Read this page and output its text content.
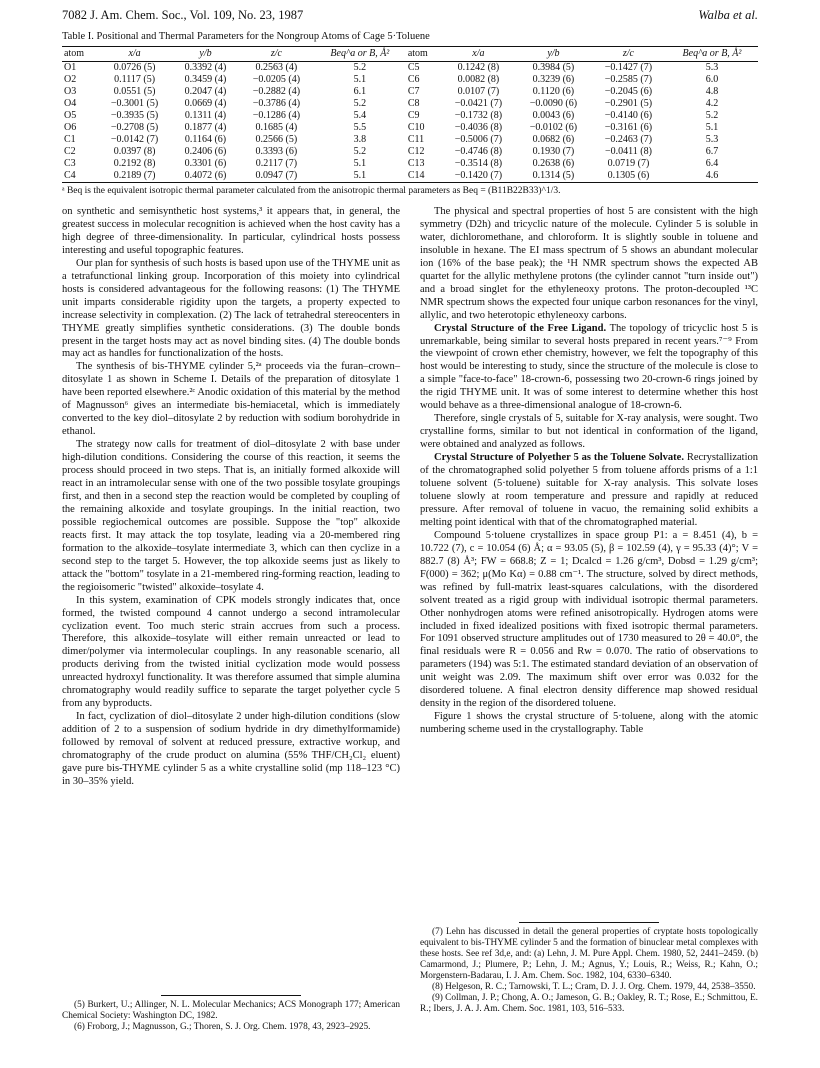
7082 J. Am. Chem. Soc., Vol. 109, No. 23, 1987	Walba et al.
Table I. Positional and Thermal Parameters for the Nongroup Atoms of Cage 5·Toluene
atom	x/a	y/b	z/c	Beq^a or B, Å²	atom	x/a	y/b	z/c	Beq^a or B, Å²
O1	0.0726 (5)	0.3392 (4)	0.2563 (4)	5.2	C5	0.1242 (8)	0.3984 (5)	−0.1427 (7)	5.3
O2	0.1117 (5)	0.3459 (4)	−0.0205 (4)	5.1	C6	0.0082 (8)	0.3239 (6)	−0.2585 (7)	6.0
O3	0.0551 (5)	0.2047 (4)	−0.2882 (4)	6.1	C7	0.0107 (7)	0.1120 (6)	−0.2045 (6)	4.8
O4	−0.3001 (5)	0.0669 (4)	−0.3786 (4)	5.2	C8	−0.0421 (7)	−0.0090 (6)	−0.2901 (5)	4.2
O5	−0.3935 (5)	0.1311 (4)	−0.1286 (4)	5.4	C9	−0.1732 (8)	0.0043 (6)	−0.4140 (6)	5.2
O6	−0.2708 (5)	0.1877 (4)	0.1685 (4)	5.5	C10	−0.4036 (8)	−0.0102 (6)	−0.3161 (6)	5.1
C1	−0.0142 (7)	0.1164 (6)	0.2566 (5)	3.8	C11	−0.5006 (7)	0.0682 (6)	−0.2463 (7)	5.3
C2	0.0397 (8)	0.2406 (6)	0.3393 (6)	5.2	C12	−0.4746 (8)	0.1930 (7)	−0.0411 (8)	6.7
C3	0.2192 (8)	0.3301 (6)	0.2117 (7)	5.1	C13	−0.3514 (8)	0.2638 (6)	0.0719 (7)	6.4
C4	0.2189 (7)	0.4072 (6)	0.0947 (7)	5.1	C14	−0.1420 (7)	0.1314 (5)	0.1305 (6)	4.6
ᵃ Beq is the equivalent isotropic thermal parameter calculated from the anisotropic thermal parameters as Beq = (B11B22B33)^1/3.

on synthetic and semisynthetic host systems,³ it appears that, in general, the greatest success in molecular recognition is achieved when the host cavity has a high degree of three-dimensionality. In particular, cylindrical hosts possess interesting and useful topographic features.

Our plan for synthesis of such hosts is based upon use of the THYME unit as a tetrafunctional linking group. Incorporation of this moiety into cylindrical hosts is considered advantageous for the following reasons: (1) The THYME unit imparts considerable rigidity upon the targets, a property expected to increase selectivity in complexation. (2) The lack of tetrahedral stereocenters in THYME greatly simplifies synthetic considerations. (3) The double bonds present in the target hosts may act as novel binding sites. (4) The double bonds may act as handles for functionalization of the hosts.

The synthesis of bis-THYME cylinder 5,²ᵃ proceeds via the furan–crown–ditosylate 1 as shown in Scheme I. Details of the preparation of ditosylate 1 have been reported elsewhere.²ᶜ Anodic oxidation of this material by the method of Magnusson⁶ gives an intermediate bis-hemiacetal, which is immediately converted to the key diol–ditosylate 2 by reduction with sodium borohydride in ethanol.

The strategy now calls for treatment of diol–ditosylate 2 with base under high-dilution conditions. Considering the course of this reaction, it seems the process should proceed in two steps. That is, an initially formed alkoxide will react in an intramolecular sense with one of the two possible tosylate groupings first, and then in a second step the reaction would be completed by coupling of the remaining alkoxide and tosylate groupings. In the initial reaction, two possible regiochemical outcomes are possible. Suppose the "top" alkoxide reacts first. It may attack the top tosylate, leading via a 20-membered ring formation to the alkoxide–tosylate intermediate 3, which can then cyclize in a second step to the target 5. However, the top alkoxide seems just as likely to attack the "bottom" tosylate in a 21-membered ring-forming reaction, leading to the regioisomeric "twisted" alkoxide–tosylate 4.

In this system, examination of CPK models strongly indicates that, once formed, the twisted compound 4 cannot undergo a second intramolecular cyclization event. Too much steric strain accrues from such a process. Therefore, this alkoxide–tosylate will either remain unreacted or lead to dimer/polymer via intermolecular couplings. In any reasonable scenario, all products deriving from the twisted initial cyclization mode would possess unreacted hydroxyl functionality. It was therefore assumed that simple alumina chromatography would readily suffice to separate the target polyether cycle 5 from any byproducts.

In fact, cyclization of diol–ditosylate 2 under high-dilution conditions (slow addition of 2 to a suspension of sodium hydride in dry dimethylformamide) followed by removal of solvent at reduced pressure, extractive workup, and chromatography of the crude product on alumina (55% THF/CH₂Cl₂ eluent) gave pure bis-THYME cylinder 5 as a white crystalline solid (mp 118–123 °C) in 30–35% yield.

The physical and spectral properties of host 5 are consistent with the high symmetry (D2h) and tricyclic nature of the molecule. Cylinder 5 is soluble in water, dichloromethane, and chloroform. It is slightly souble in toluene and insoluble in hexane. The EI mass spectrum of 5 shows an abundant molecular ion (16% of the base peak); the ¹H NMR spectrum shows the expected AB quartet for the allylic methylene protons (the cylinder cannot "turn inside out") and a broad singlet for the ethyleneoxy protons. The proton-decoupled ¹³C NMR spectrum shows the expected four unique carbon resonances for the vinyl, allylic, and two heterotopic ethyleneoxy carbons.

Crystal Structure of the Free Ligand. The topology of tricyclic host 5 is unremarkable, being similar to several hosts prepared in recent years.⁷⁻⁹ From the viewpoint of crown ether chemistry, however, we felt the topography of this host would be interesting to study, since the structure of the molecule is close to a simple "face-to-face" 18-crown-6, possessing two 20-crown-6 rings joined by the rigid THYME unit. It was of some interest to determine whether this host would behave as a three-dimensional analogue of 18-crown-6.

Therefore, single crystals of 5, suitable for X-ray analysis, were sought. Two crystalline forms, similar to but not identical in conformation of the ligand, were obtained and analyzed as follows.

Crystal Structure of Polyether 5 as the Toluene Solvate. Recrystallization of the chromatographed solid polyether 5 from toluene affords prisms of a 1:1 toluene solvent (5·toluene) suitable for X-ray analysis. This solvate loses toluene slowly at room temperature and pressure and rapidly at reduced pressure. After removal of toluene in vacuo, the remaining solid exhibits a melting point identical with that of the chromatographed material.

Compound 5·toluene crystallizes in space group P1: a = 8.451 (4), b = 10.722 (7), c = 10.054 (6) Å; α = 93.05 (5), β = 102.59 (4), γ = 95.33 (4)°; V = 882.7 (8) Å³; FW = 668.8; Z = 1; Dcalcd = 1.26 g/cm³, Dobsd = 1.29 g/cm³; F(000) = 362; μ(Mo Kα) = 0.88 cm⁻¹. The structure, solved by direct methods, was refined by full-matrix least-squares calculations, with the disordered solvent treated as a rigid group with individual isotropic thermal parameters. Other nonhydrogen atoms were refined anisotropically. Hydrogen atoms were included in fixed idealized positions with fixed isotropic thermal parameters. For 1091 observed structure amplitudes out of 1730 measured to 2θ = 40.0°, the final residuals were R = 0.056 and Rw = 0.070. The ratio of observations to parameters (194) was 5:1. The estimated standard deviation of an observation of unit weight was 2.09. The maximum shift over error was 0.032 for the disordered toluene. A final electron density difference map showed residual density in the region of the disordered toluene.

Figure 1 shows the crystal structure of 5·toluene, along with the atomic numbering scheme used in the crystallography. Table

(5) Burkert, U.; Allinger, N. L. Molecular Mechanics; ACS Monograph 177; American Chemical Society: Washington DC, 1982.

(6) Froborg, J.; Magnusson, G.; Thoren, S. J. Org. Chem. 1978, 43, 2923–2925.

(7) Lehn has discussed in detail the general properties of cryptate hosts topologically equivalent to bis-THYME cylinder 5 and the formation of binuclear metal complexes with these hosts. See ref 3d,e, and: (a) Lehn, J. M. Pure Appl. Chem. 1980, 52, 2441–2459. (b) Camarmond, J.; Plumere, P.; Lehn, J. M.; Agnus, Y.; Louis, R.; Weiss, R.; Kahn, O.; Morgenstern-Badarau, I. J. Am. Chem. Soc. 1982, 104, 6330–6340.

(8) Helgeson, R. C.; Tarnowski, T. L.; Cram, D. J. J. Org. Chem. 1979, 44, 2538–3550.

(9) Collman, J. P.; Chong, A. O.; Jameson, G. B.; Oakley, R. T.; Rose, E.; Schmittou, E. R.; Ibers, J. A. J. Am. Chem. Soc. 1981, 103, 516–533.
